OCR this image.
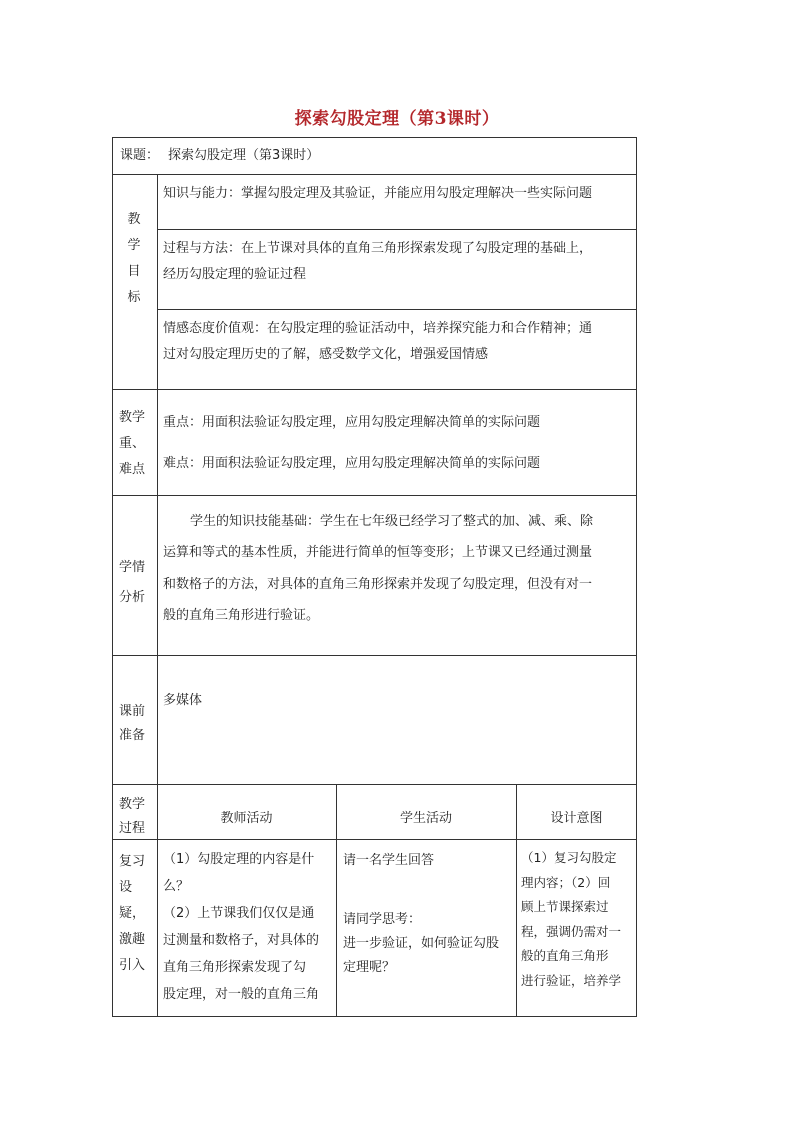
探索勾股定理（第3课时）
课题： 探索勾股定理（第3课时）
教
学
目
标
知识与能力：掌握勾股定理及其验证，并能应用勾股定理解决一些实际问题
过程与方法：在上节课对具体的直角三角形探索发现了勾股定理的基础上，
经历勾股定理的验证过程
情感态度价值观：在勾股定理的验证活动中，培养探究能力和合作精神；通
过对勾股定理历史的了解，感受数学文化，增强爱国情感
教学
重、
难点
重点：用面积法验证勾股定理，应用勾股定理解决简单的实际问题
难点：用面积法验证勾股定理，应用勾股定理解决简单的实际问题
学情
分析
学生的知识技能基础：学生在七年级已经学习了整式的加、减、乘、除
运算和等式的基本性质，并能进行简单的恒等变形；上节课又已经通过测量
和数格子的方法，对具体的直角三角形探索并发现了勾股定理，但没有对一
般的直角三角形进行验证。
课前
准备
多媒体
教学
过程
教师活动	学生活动	设计意图
复习
设疑，
激趣
引入
（1）勾股定理的内容是什
么？
（2）上节课我们仅仅是通
过测量和数格子，对具体的
直角三角形探索发现了勾
股定理，对一般的直角三角
请一名学生回答
请同学思考：
进一步验证，如何验证勾股
定理呢？
（1）复习勾股定
理内容；（2）回
顾上节课探索过
程，强调仍需对一
般的直角三角形
进行验证，培养学
